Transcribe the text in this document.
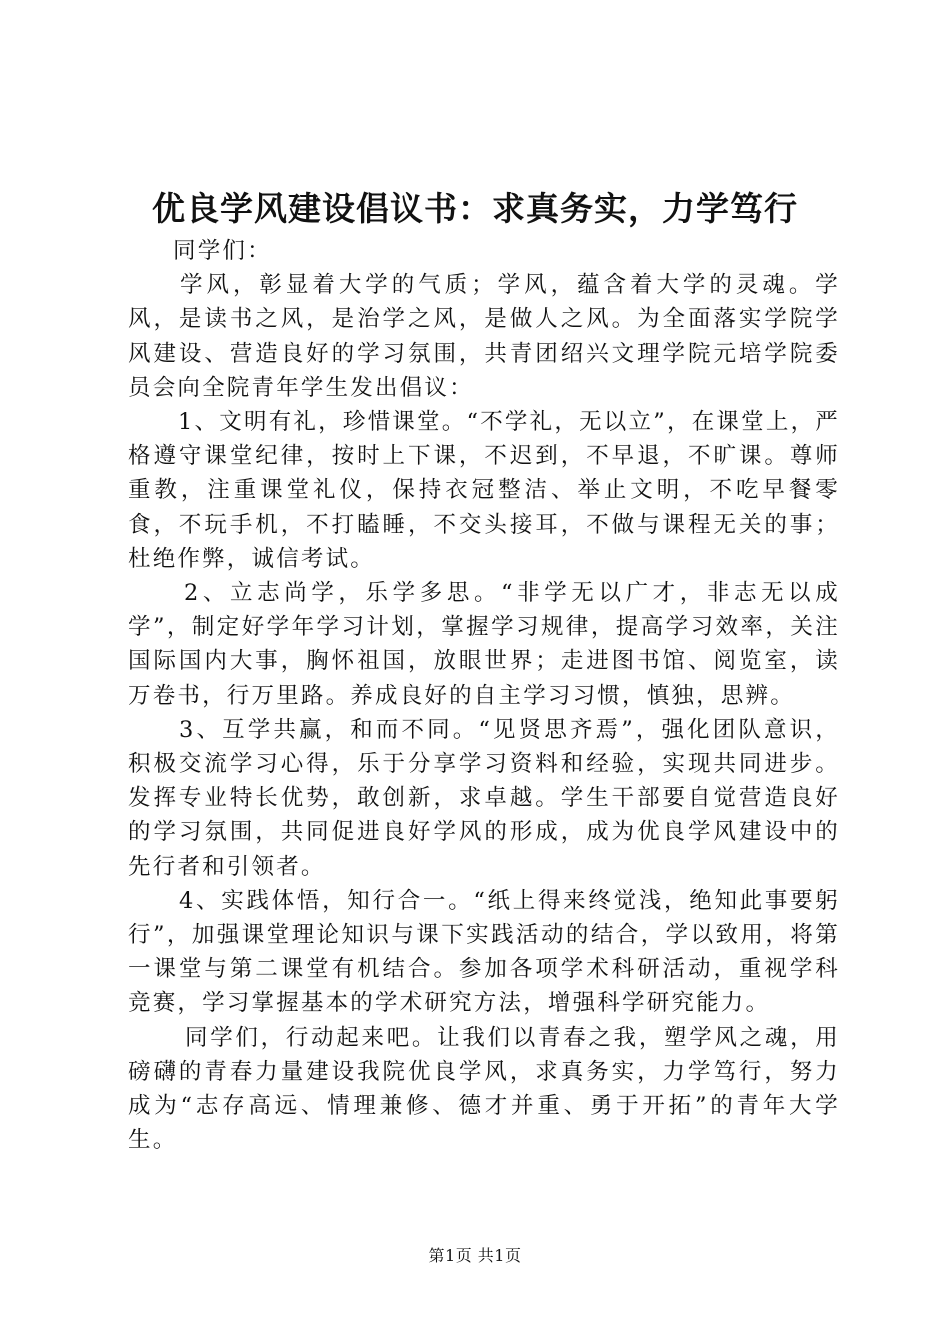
优良学风建设倡议书：求真务实，力学笃行

同学们：

学风，彰显着大学的气质；学风，蕴含着大学的灵魂。学风，是读书之风，是治学之风，是做人之风。为全面落实学院学风建设、营造良好的学习氛围，共青团绍兴文理学院元培学院委员会向全院青年学生发出倡议：

1、文明有礼，珍惜课堂。“不学礼，无以立”，在课堂上，严格遵守课堂纪律，按时上下课，不迟到，不早退，不旷课。尊师重教，注重课堂礼仪，保持衣冠整洁、举止文明，不吃早餐零食，不玩手机，不打瞌睡，不交头接耳，不做与课程无关的事；杜绝作弊，诚信考试。

2、立志尚学，乐学多思。“非学无以广才，非志无以成学”，制定好学年学习计划，掌握学习规律，提高学习效率，关注国际国内大事，胸怀祖国，放眼世界；走进图书馆、阅览室，读万卷书，行万里路。养成良好的自主学习习惯，慎独，思辨。

3、互学共赢，和而不同。“见贤思齐焉”，强化团队意识，积极交流学习心得，乐于分享学习资料和经验，实现共同进步。发挥专业特长优势，敢创新，求卓越。学生干部要自觉营造良好的学习氛围，共同促进良好学风的形成，成为优良学风建设中的先行者和引领者。

4、实践体悟，知行合一。“纸上得来终觉浅，绝知此事要躬行”，加强课堂理论知识与课下实践活动的结合，学以致用，将第一课堂与第二课堂有机结合。参加各项学术科研活动，重视学科竞赛，学习掌握基本的学术研究方法，增强科学研究能力。

同学们，行动起来吧。让我们以青春之我，塑学风之魂，用磅礴的青春力量建设我院优良学风，求真务实，力学笃行，努力成为“志存高远、情理兼修、德才并重、勇于开拓”的青年大学生。

第1页 共1页
